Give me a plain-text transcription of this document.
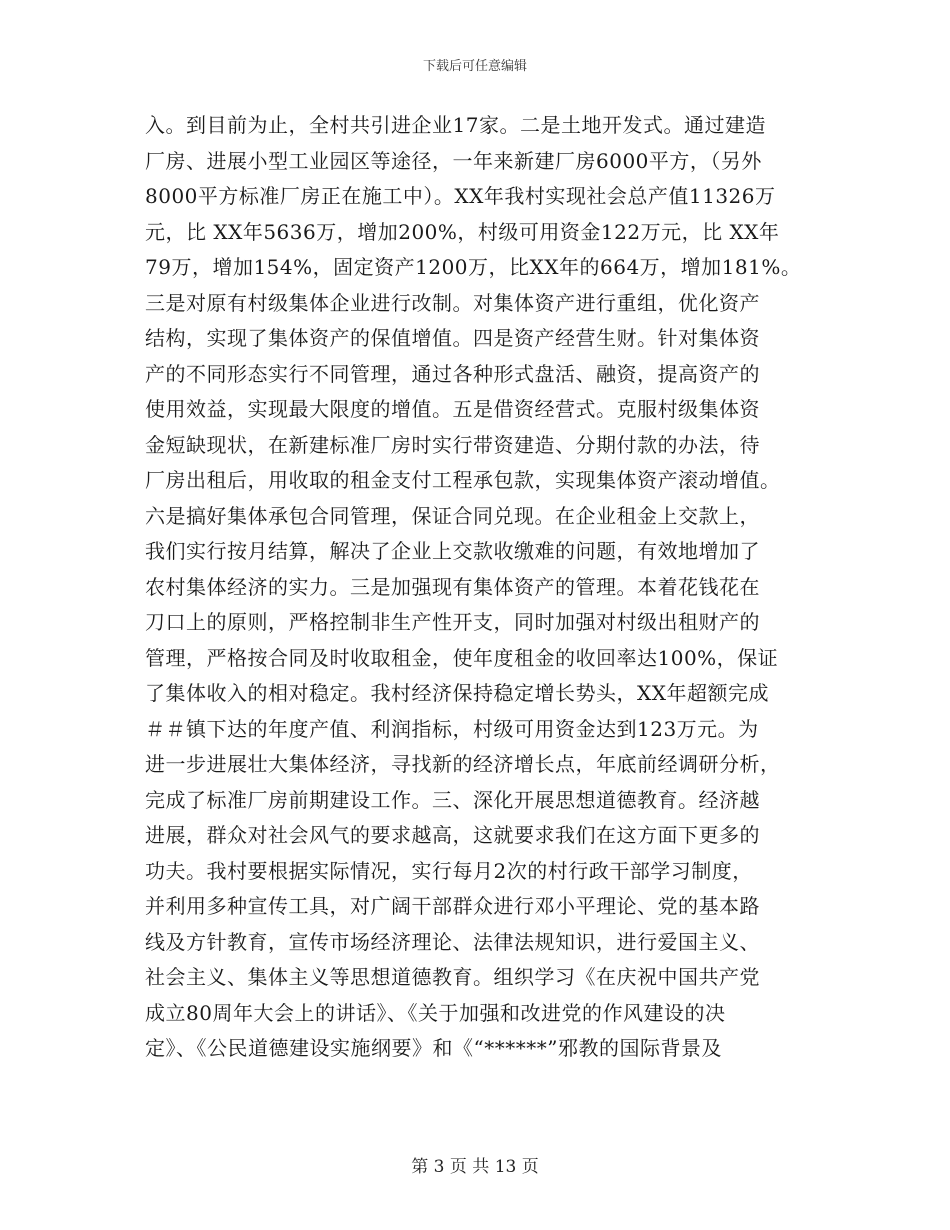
下载后可任意编辑
入。到目前为止，全村共引进企业17家。二是土地开发式。通过建造
厂房、进展小型工业园区等途径，一年来新建厂房6000平方，（另外
8000平方标准厂房正在施工中）。XX年我村实现社会总产值11326万
元，比 XX年5636万，增加200%，村级可用资金122万元，比 XX年
79万，增加154%，固定资产1200万，比XX年的664万，增加181%。
三是对原有村级集体企业进行改制。对集体资产进行重组，优化资产
结构，实现了集体资产的保值增值。四是资产经营生财。针对集体资
产的不同形态实行不同管理，通过各种形式盘活、融资，提高资产的
使用效益，实现最大限度的增值。五是借资经营式。克服村级集体资
金短缺现状，在新建标准厂房时实行带资建造、分期付款的办法，待
厂房出租后，用收取的租金支付工程承包款，实现集体资产滚动增值。
六是搞好集体承包合同管理，保证合同兑现。在企业租金上交款上，
我们实行按月结算，解决了企业上交款收缴难的问题，有效地增加了
农村集体经济的实力。三是加强现有集体资产的管理。本着花钱花在
刀口上的原则，严格控制非生产性开支，同时加强对村级出租财产的
管理，严格按合同及时收取租金，使年度租金的收回率达100%，保证
了集体收入的相对稳定。我村经济保持稳定增长势头，XX年超额完成
＃＃镇下达的年度产值、利润指标，村级可用资金达到123万元。为
进一步进展壮大集体经济，寻找新的经济增长点，年底前经调研分析，
完成了标准厂房前期建设工作。三、深化开展思想道德教育。经济越
进展，群众对社会风气的要求越高，这就要求我们在这方面下更多的
功夫。我村要根据实际情况，实行每月2次的村行政干部学习制度，
并利用多种宣传工具，对广阔干部群众进行邓小平理论、党的基本路
线及方针教育，宣传市场经济理论、法律法规知识，进行爱国主义、
社会主义、集体主义等思想道德教育。组织学习《在庆祝中国共产党
成立80周年大会上的讲话》、《关于加强和改进党的作风建设的决
定》、《公民道德建设实施纲要》和《“******”邪教的国际背景及
第 3 页 共 13 页
